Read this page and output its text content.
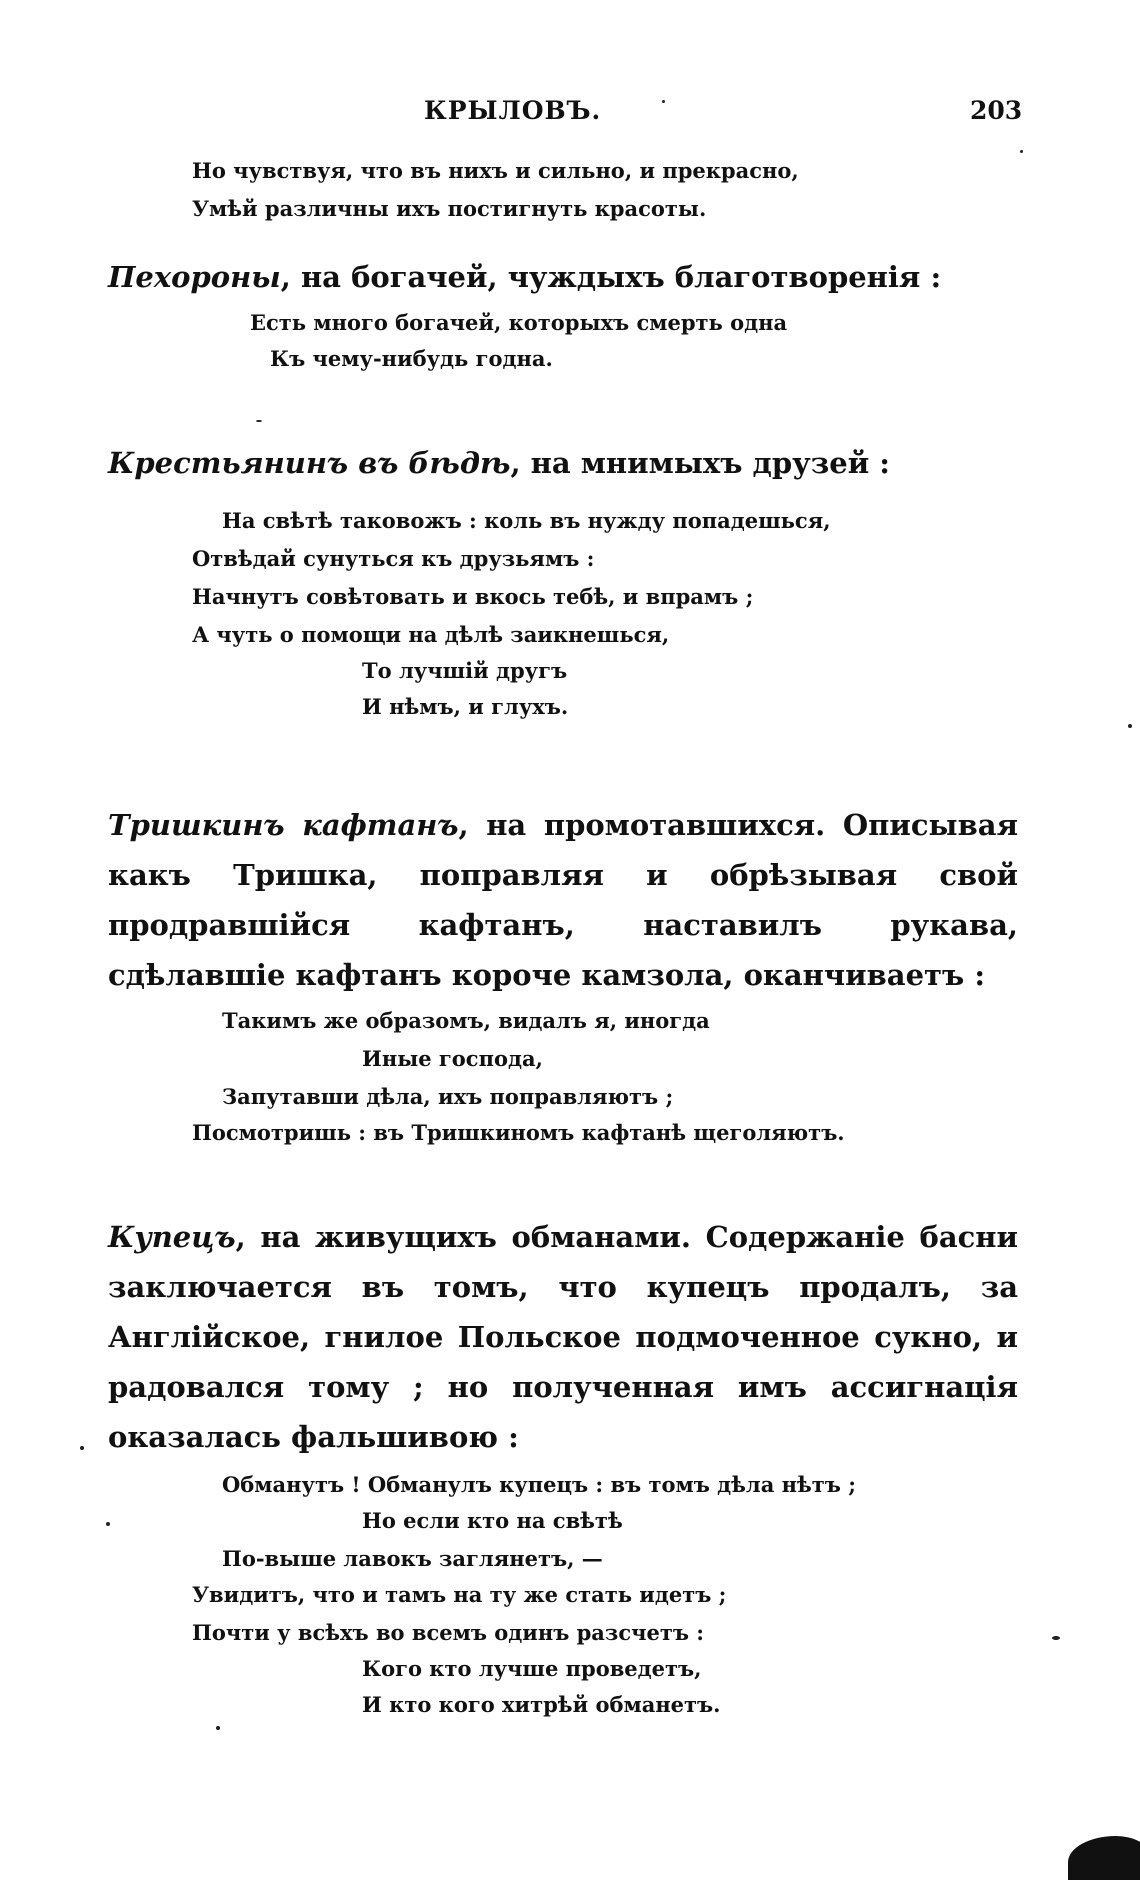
КРЫЛОВЪ.	203
Но чувствуя, что въ нихъ и сильно, и прекрасно,
Умѣй различны ихъ постигнуть красоты.
Пехороны, на богачей, чуждыхъ благотворенія :
Есть много богачей, которыхъ смерть одна
Къ чему-нибудь годна.
Крестьянинъ въ бѣдѣ, на мнимыхъ друзей :
На свѣтѣ таковожъ : коль въ нужду попадешься,
Отвѣдай сунуться къ друзьямъ :
Начнутъ совѣтовать и вкось тебѣ, и впрамъ ;
А чуть о помощи на дѣлѣ заикнешься,
То лучшій другъ
И нѣмъ, и глухъ.
Тришкинъ кафтанъ, на промотавшихся. Описывая какъ Тришка, поправляя и обрѣзывая свой продравшійся кафтанъ, наставилъ рукава, сдѣлавшіе кафтанъ короче камзола, оканчиваетъ :
Такимъ же образомъ, видалъ я, иногда
Иные господа,
Запутавши дѣла, ихъ поправляютъ ;
Посмотришь : въ Тришкиномъ кафтанѣ щеголяютъ.
Купецъ, на живущихъ обманами. Содержаніе басни заключается въ томъ, что купецъ продалъ, за Англійское, гнилое Польское подмоченное сукно, и радовался тому ; но полученная имъ ассигнація оказалась фальшивою :
Обманутъ ! Обманулъ купецъ : въ томъ дѣла нѣтъ ;
Но если кто на свѣтѣ
По-выше лавокъ заглянетъ, —
Увидитъ, что и тамъ на ту же стать идетъ ;
Почти у всѣхъ во всемъ одинъ разсчетъ :
Кого кто лучше проведетъ,
И кто кого хитрѣй обманетъ.
